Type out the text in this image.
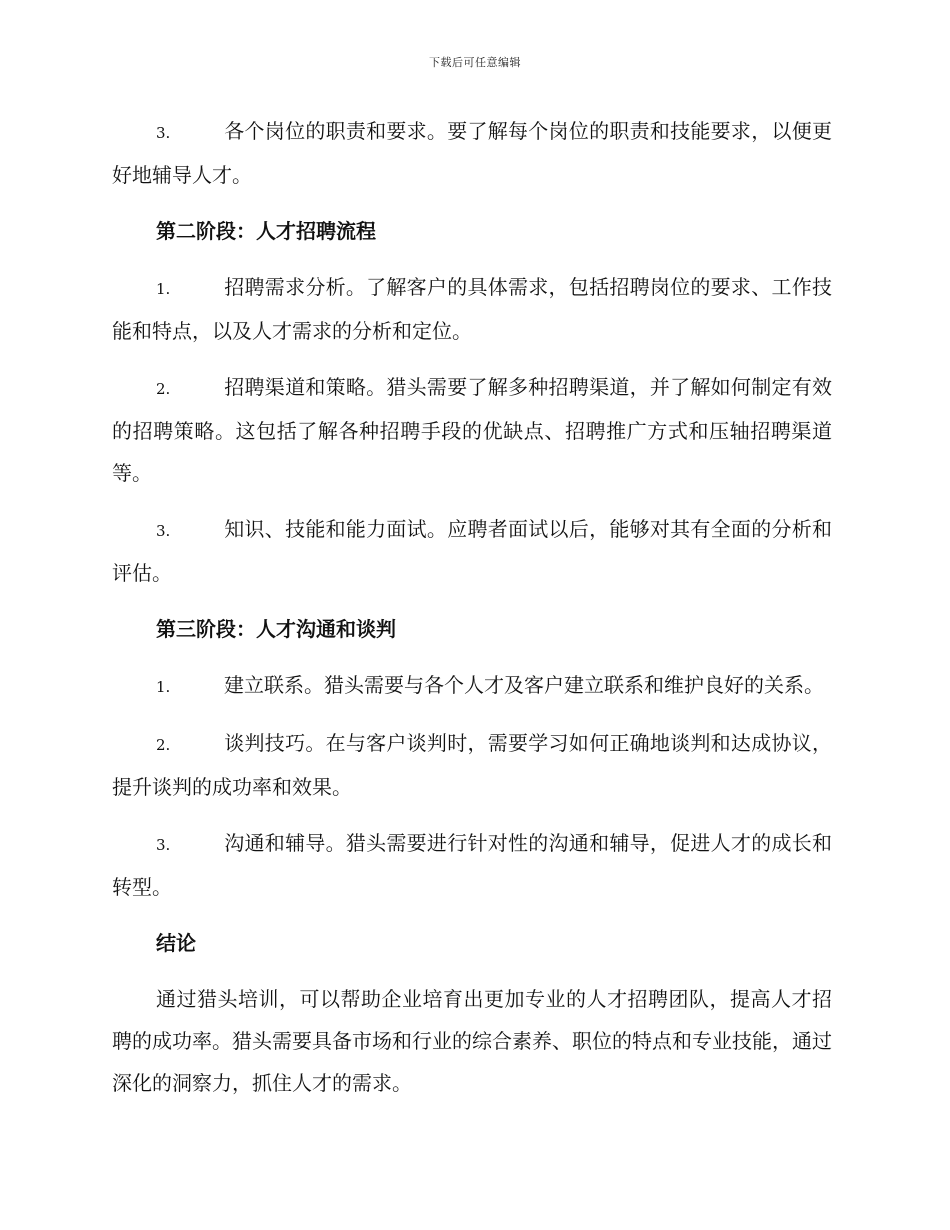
下载后可任意编辑

3.	各个岗位的职责和要求。要了解每个岗位的职责和技能要求，以便更好地辅导人才。

第二阶段：人才招聘流程

1.	招聘需求分析。了解客户的具体需求，包括招聘岗位的要求、工作技能和特点，以及人才需求的分析和定位。

2.	招聘渠道和策略。猎头需要了解多种招聘渠道，并了解如何制定有效的招聘策略。这包括了解各种招聘手段的优缺点、招聘推广方式和压轴招聘渠道等。

3.	知识、技能和能力面试。应聘者面试以后，能够对其有全面的分析和评估。

第三阶段：人才沟通和谈判

1.	建立联系。猎头需要与各个人才及客户建立联系和维护良好的关系。

2.	谈判技巧。在与客户谈判时，需要学习如何正确地谈判和达成协议，提升谈判的成功率和效果。

3.	沟通和辅导。猎头需要进行针对性的沟通和辅导，促进人才的成长和转型。

结论

通过猎头培训，可以帮助企业培育出更加专业的人才招聘团队，提高人才招聘的成功率。猎头需要具备市场和行业的综合素养、职位的特点和专业技能，通过深化的洞察力，抓住人才的需求。
